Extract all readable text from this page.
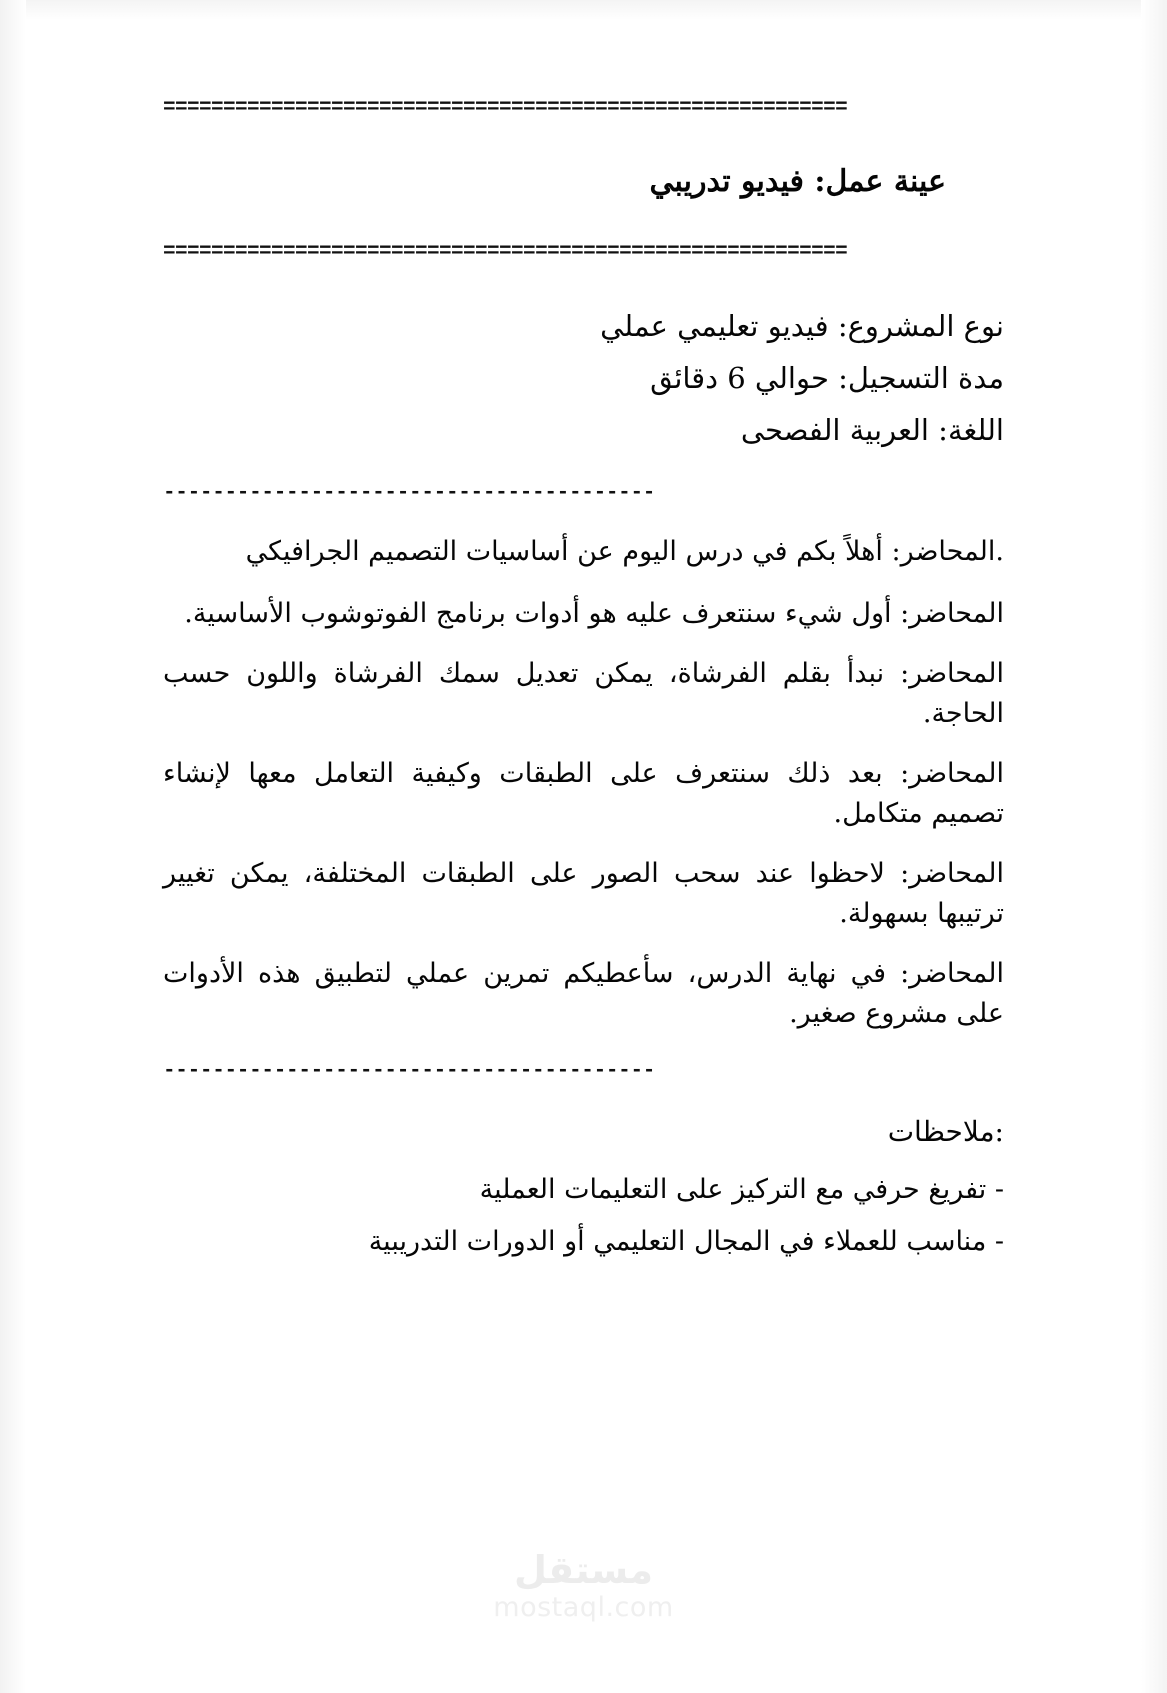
=========================================================
عينة عمل: فيديو تدريبي
=========================================================
نوع المشروع: فيديو تعليمي عملي
مدة التسجيل: حوالي 6 دقائق
اللغة: العربية الفصحى
----------------------------------------
.المحاضر: أهلاً بكم في درس اليوم عن أساسيات التصميم الجرافيكي
المحاضر: أول شيء سنتعرف عليه هو أدوات برنامج الفوتوشوب الأساسية.
المحاضر: نبدأ بقلم الفرشاة، يمكن تعديل سمك الفرشاة واللون حسب الحاجة.
المحاضر: بعد ذلك سنتعرف على الطبقات وكيفية التعامل معها لإنشاء تصميم متكامل.
المحاضر: لاحظوا عند سحب الصور على الطبقات المختلفة، يمكن تغيير ترتيبها بسهولة.
المحاضر: في نهاية الدرس، سأعطيكم تمرين عملي لتطبيق هذه الأدوات على مشروع صغير.
----------------------------------------
:ملاحظات
- تفريغ حرفي مع التركيز على التعليمات العملية
- مناسب للعملاء في المجال التعليمي أو الدورات التدريبية
مستقل
mostaql.com
